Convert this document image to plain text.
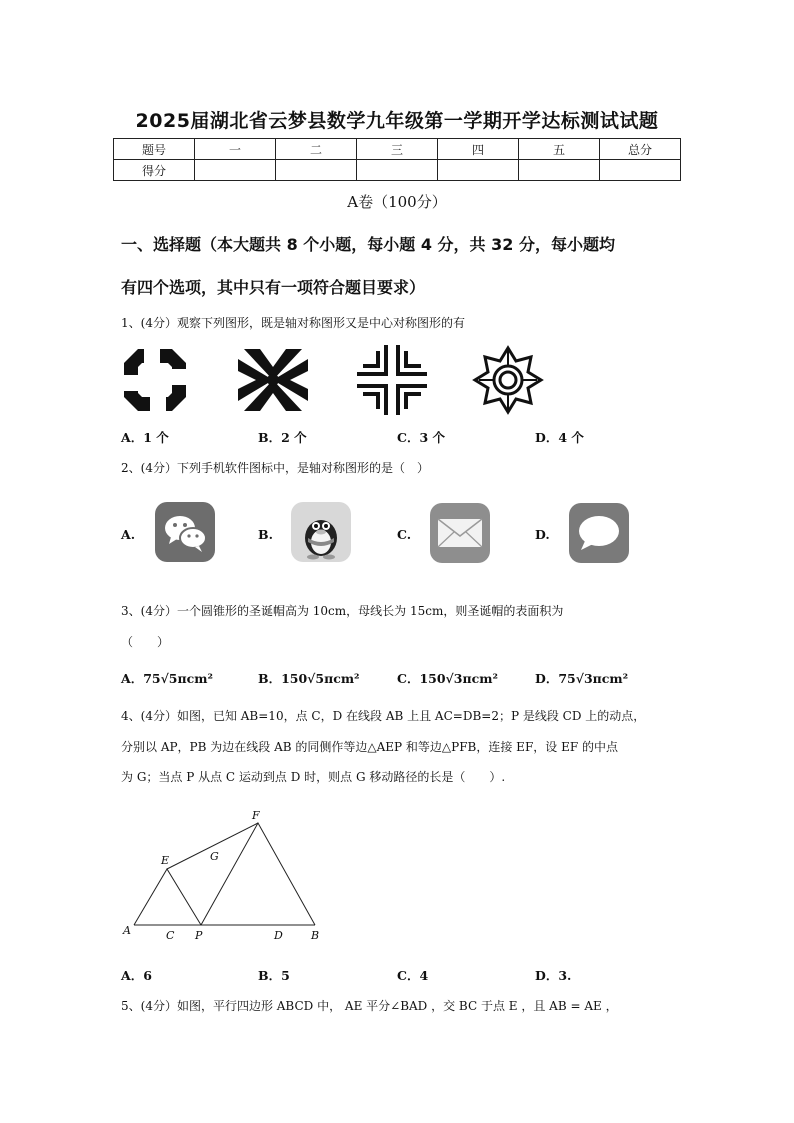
2025届湖北省云梦县数学九年级第一学期开学达标测试试题
题号	一	二	三	四	五	总分
得分						
A卷（100分）
一、选择题（本大题共 8 个小题，每小题 4 分，共 32 分，每小题均
有四个选项，其中只有一项符合题目要求）
1、(4分）观察下列图形，既是轴对称图形又是中心对称图形的有
A．1 个	B．2 个	C．3 个	D．4 个
2、(4分）下列手机软件图标中，是轴对称图形的是（　）
A.	B.	C.	D.
3、(4分）一个圆锥形的圣诞帽高为 10cm，母线长为 15cm，则圣诞帽的表面积为
（　　）
A．75√5πcm²	B．150√5πcm²	C．150√3πcm²	D．75√3πcm²
4、(4分）如图，已知 AB=10，点 C，D 在线段 AB 上且 AC=DB=2；P 是线段 CD 上的动点，
分别以 AP，PB 为边在线段 AB 的同侧作等边△AEP 和等边△PFB，连接 EF，设 EF 的中点
为 G；当点 P 从点 C 运动到点 D 时，则点 G 移动路径的长是（　　）.
A	C P	D	B
E	G
F
A．6	B．5	C．4	D．3.
5、(4分）如图，平行四边形 ABCD 中， AE 平分∠BAD ，交 BC 于点 E ，且 AB = AE ，
